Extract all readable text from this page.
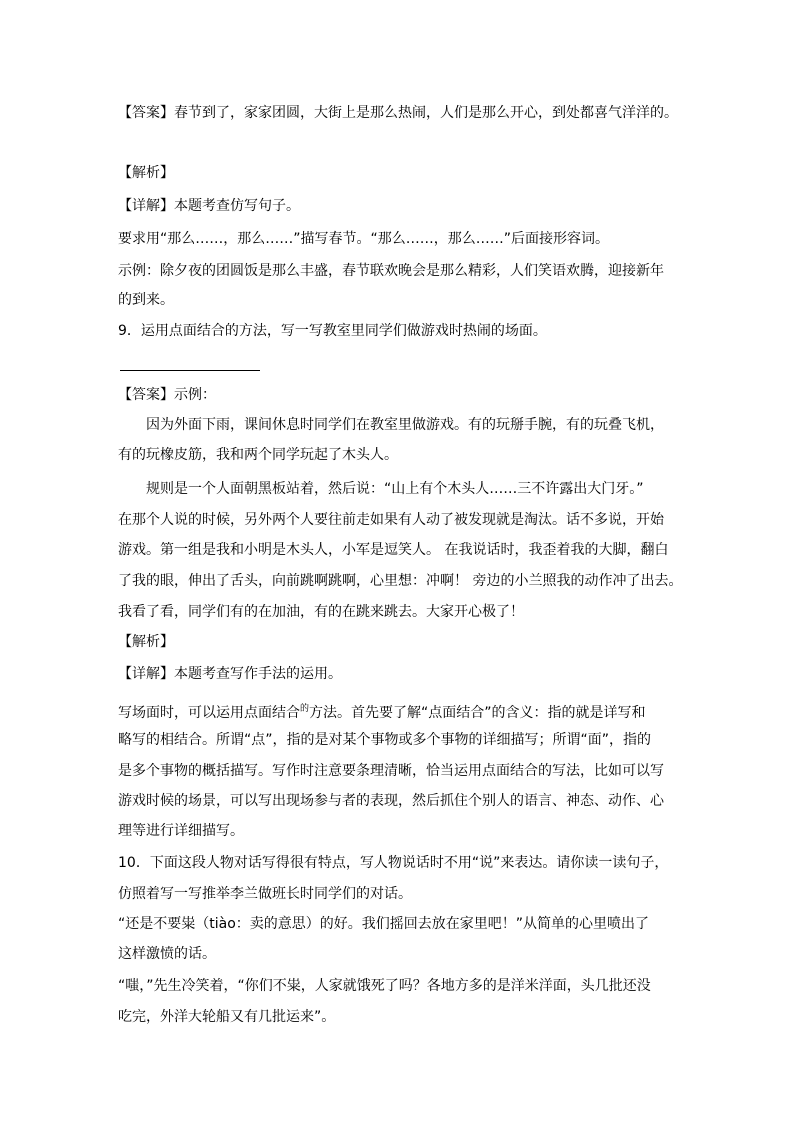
【答案】春节到了，家家团圆，大街上是那么热闹，人们是那么开心，到处都喜气洋洋的。
【解析】
【详解】本题考查仿写句子。
要求用“那么……，那么……”描写春节。“那么……，那么……”后面接形容词。
示例：除夕夜的团圆饭是那么丰盛，春节联欢晚会是那么精彩，人们笑语欢腾，迎接新年
的到来。
9．运用点面结合的方法，写一写教室里同学们做游戏时热闹的场面。
【答案】示例：
因为外面下雨，课间休息时同学们在教室里做游戏。有的玩掰手腕，有的玩叠飞机，
有的玩橡皮筋，我和两个同学玩起了木头人。
规则是一个人面朝黑板站着，然后说：“山上有个木头人……三不许露出大门牙。”
在那个人说的时候，另外两个人要往前走如果有人动了被发现就是淘汰。话不多说，开始
游戏。第一组是我和小明是木头人，小军是逗笑人。 在我说话时，我歪着我的大脚，翻白
了我的眼，伸出了舌头，向前跳啊跳啊，心里想：冲啊！ 旁边的小兰照我的动作冲了出去。
我看了看，同学们有的在加油，有的在跳来跳去。大家开心极了！
【解析】
【详解】本题考查写作手法的运用。
写场面时，可以运用点面结合$^的$方法。首先要了解“点面结合”的含义：指的就是详写和
略写的相结合。所谓“点”，指的是对某个事物或多个事物的详细描写；所谓“面”，指的
是多个事物的概括描写。写作时注意要条理清晰，恰当运用点面结合的写法，比如可以写
游戏时候的场景，可以写出现场参与者的表现，然后抓住个别人的语言、神态、动作、心
理等进行详细描写。
10．下面这段人物对话写得很有特点，写人物说话时不用“说”来表达。请你读一读句子，
仿照着写一写推举李兰做班长时同学们的对话。
“还是不要粜（tiào：卖的意思）的好。我们摇回去放在家里吧！”从简单的心里喷出了
这样激愤的话。
“嗤，”先生冷笑着，“你们不粜，人家就饿死了吗？各地方多的是洋米洋面，头几批还没
吃完，外洋大轮船又有几批运来”。
